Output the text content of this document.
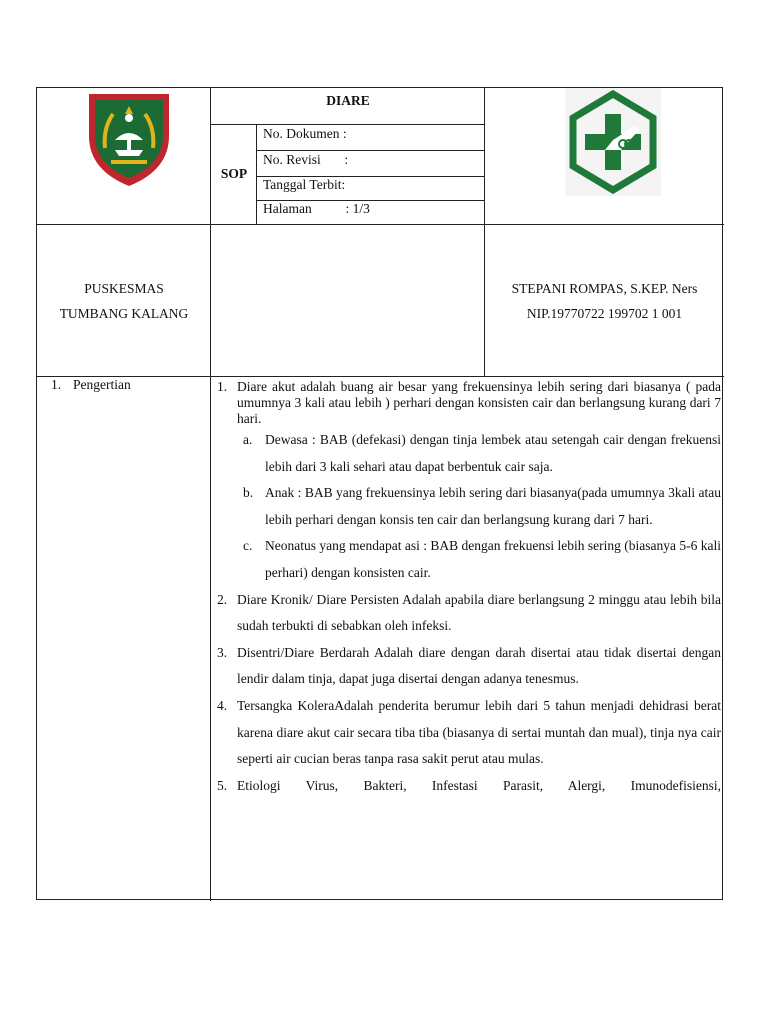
DIARE
SOP
No. Dokumen :
No. Revisi       :
Tanggal Terbit:
Halaman          : 1/3
PUSKESMAS
TUMBANG KALANG
STEPANI ROMPAS, S.KEP. Ners
NIP.19770722 199702 1 001
1. Pengertian	1. Diare akut adalah buang air besar yang frekuensinya lebih sering dari biasanya ( pada umumnya 3 kali atau lebih ) perhari dengan konsisten cair dan berlangsung kurang dari 7 hari.
a. Dewasa : BAB (defekasi) dengan tinja lembek atau setengah cair dengan frekuensi lebih dari 3 kali sehari atau dapat berbentuk cair saja.
b. Anak : BAB yang frekuensinya lebih sering dari biasanya(pada umumnya 3kali atau lebih perhari dengan konsis ten cair dan berlangsung kurang dari 7 hari.
c. Neonatus yang mendapat asi : BAB dengan frekuensi lebih sering (biasanya 5-6 kali perhari) dengan konsisten cair.
2. Diare Kronik/ Diare Persisten Adalah apabila diare berlangsung 2 minggu atau lebih bila sudah terbukti di sebabkan oleh infeksi.
3. Disentri/Diare Berdarah Adalah diare dengan darah disertai atau tidak disertai dengan lendir dalam tinja, dapat juga disertai dengan adanya tenesmus.
4. Tersangka KoleraAdalah penderita berumur lebih dari 5 tahun menjadi dehidrasi berat karena diare akut cair secara tiba tiba (biasanya di sertai muntah dan mual), tinja nya cair seperti air cucian beras tanpa rasa sakit perut atau mulas.
5. Etiologi Virus, Bakteri, Infestasi Parasit, Alergi, Imunodefisiensi,
